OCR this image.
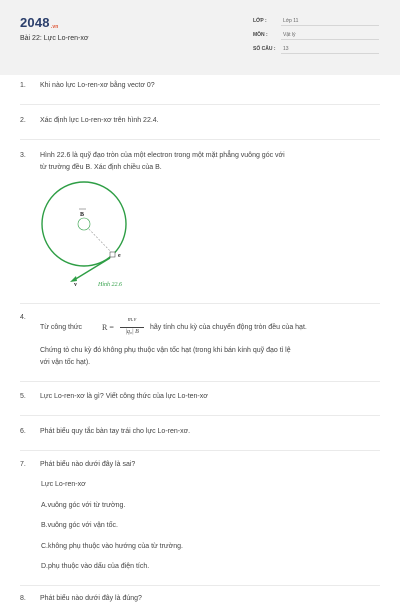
2048.vn
Bài 22: Lực Lo-ren-xơ
LỚP :	Lớp 11
MÔN :	Vật lý
SỐ CÂU : 13
1. Khi nào lực Lo-ren-xơ bằng vectơ 0?
2. Xác định lực Lo-ren-xơ trên hình 22.4.
3. Hình 22.6 là quỹ đạo tròn của một electron trong một mặt phẳng vuông góc với
từ trường đều B. Xác định chiều của B.
B
e
v	Hình 22.6
4.
Từ công thức R =
m.v
|q₀| B
hãy tính chu kỳ của chuyển động tròn đều của hạt.
Chứng tỏ chu kỳ đó không phụ thuộc vận tốc hạt (trong khi bán kính quỹ đạo tỉ lệ
với vận tốc hạt).
5. Lực Lo-ren-xơ là gì? Viết công thức của lực Lo-ten-xơ
6. Phát biểu quy tắc bàn tay trái cho lực Lo-ren-xơ.
7. Phát biểu nào dưới đây là sai?
Lực Lo-ren-xơ
A.vuông góc với từ trường.
B.vuông góc với vận tốc.
C.không phụ thuộc vào hướng của từ trường.
D.phụ thuộc vào dấu của điện tích.
8. Phát biểu nào dưới đây là đúng?
